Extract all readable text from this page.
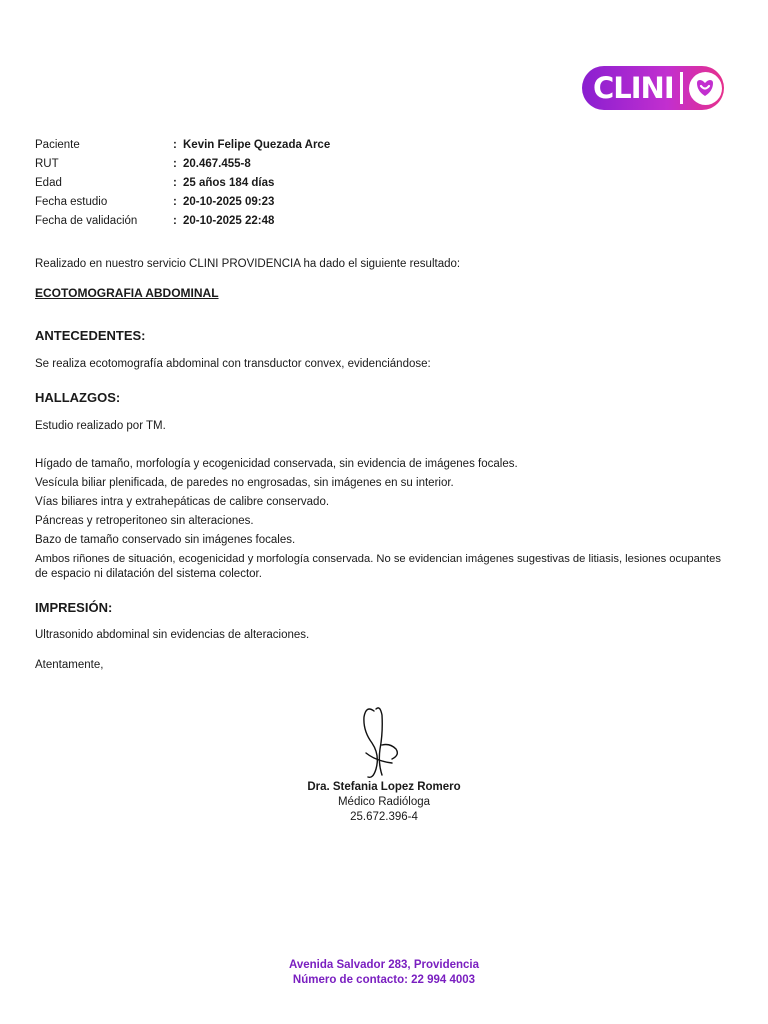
CLINI
Paciente	: Kevin Felipe Quezada Arce
RUT	: 20.467.455-8
Edad	: 25 años 184 días
Fecha estudio	: 20-10-2025 09:23
Fecha de validación	: 20-10-2025 22:48
Realizado en nuestro servicio CLINI PROVIDENCIA ha dado el siguiente resultado:
ECOTOMOGRAFIA ABDOMINAL
ANTECEDENTES:
Se realiza ecotomografía abdominal con transductor convex, evidenciándose:
HALLAZGOS:
Estudio realizado por TM.
Hígado de tamaño, morfología y ecogenicidad conservada, sin evidencia de imágenes focales.
Vesícula biliar plenificada, de paredes no engrosadas, sin imágenes en su interior.
Vías biliares intra y extrahepáticas de calibre conservado.
Páncreas y retroperitoneo sin alteraciones.
Bazo de tamaño conservado sin imágenes focales.
Ambos riñones de situación, ecogenicidad y morfología conservada. No se evidencian imágenes sugestivas de litiasis, lesiones ocupantes
de espacio ni dilatación del sistema colector.
IMPRESIÓN:
Ultrasonido abdominal sin evidencias de alteraciones.
Atentamente,
Dra. Stefania Lopez Romero
Médico Radióloga
25.672.396-4
Avenida Salvador 283, Providencia
Número de contacto: 22 994 4003
